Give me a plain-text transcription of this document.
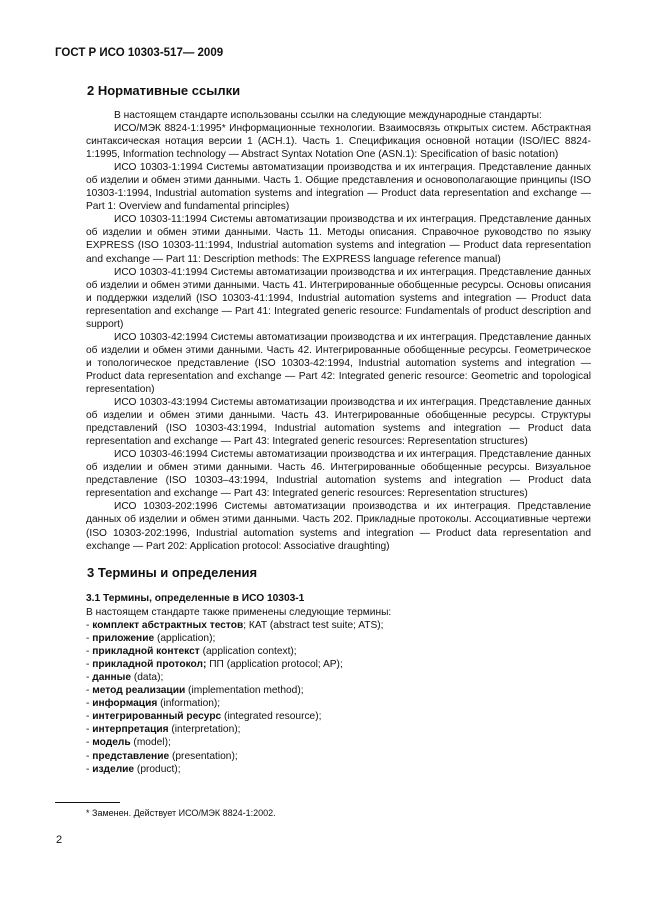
ГОСТ Р ИСО 10303-517— 2009
2 Нормативные ссылки

В настоящем стандарте использованы ссылки на следующие международные стандарты:

ИСО/МЭК 8824-1:1995* Информационные технологии. Взаимосвязь открытых систем. Абстрактная синтаксическая нотация версии 1 (АСН.1). Часть 1. Спецификация основной нотации (ISO/IEC 8824-1:1995, Information technology — Abstract Syntax Notation One (ASN.1): Specification of basic notation)

ИСО 10303-1:1994 Системы автоматизации производства и их интеграция. Представление данных об изделии и обмен этими данными. Часть 1. Общие представления и основополагающие принципы (ISO 10303-1:1994, Industrial automation systems and integration — Product data representation and exchange — Part 1: Overview and fundamental principles)

ИСО 10303-11:1994 Системы автоматизации производства и их интеграция. Представление данных об изделии и обмен этими данными. Часть 11. Методы описания. Справочное руководство по языку EXPRESS (ISO 10303-11:1994, Industrial automation systems and integration — Product data representation and exchange — Part 11: Description methods: The EXPRESS language reference manual)

ИСО 10303-41:1994 Системы автоматизации производства и их интеграция. Представление данных об изделии и обмен этими данными. Часть 41. Интегрированные обобщенные ресурсы. Основы описания и поддержки изделий (ISO 10303-41:1994, Industrial automation systems and integration — Product data representation and exchange — Part 41: Integrated generic resource: Fundamentals of product description and support)

ИСО 10303-42:1994 Системы автоматизации производства и их интеграция. Представление данных об изделии и обмен этими данными. Часть 42. Интегрированные обобщенные ресурсы. Геометрическое и топологическое представление (ISO 10303-42:1994, Industrial automation systems and integration — Product data representation and exchange — Part 42: Integrated generic resource: Geometric and topological representation)

ИСО 10303-43:1994 Системы автоматизации производства и их интеграция. Представление данных об изделии и обмен этими данными. Часть 43. Интегрированные обобщенные ресурсы. Структуры представлений (ISO 10303-43:1994, Industrial automation systems and integration — Product data representation and exchange — Part 43: Integrated generic resources: Representation structures)

ИСО 10303-46:1994 Системы автоматизации производства и их интеграция. Представление данных об изделии и обмен этими данными. Часть 46. Интегрированные обобщенные ресурсы. Визуальное представление (ISO 10303–43:1994, Industrial automation systems and integration — Product data representation and exchange — Part 43: Integrated generic resources: Representation structures)

ИСО 10303-202:1996 Системы автоматизации производства и их интеграция. Представление данных об изделии и обмен этими данными. Часть 202. Прикладные протоколы. Ассоциативные чертежи (ISO 10303-202:1996, Industrial automation systems and integration — Product data representation and exchange — Part 202: Application protocol: Associative draughting)

3 Термины и определения
3.1 Термины, определенные в ИСО 10303-1
В настоящем стандарте также применены следующие термины:
- комплект абстрактных тестов; КАТ (abstract test suite; ATS);
- приложение (application);
- прикладной контекст (application context);
- прикладной протокол; ПП (application protocol; AP);
- данные (data);
- метод реализации (implementation method);
- информация (information);
- интегрированный ресурс (integrated resource);
- интерпретация (interpretation);
- модель (model);
- представление (presentation);
- изделие (product);
* Заменен. Действует ИСО/МЭК 8824-1:2002.
2
